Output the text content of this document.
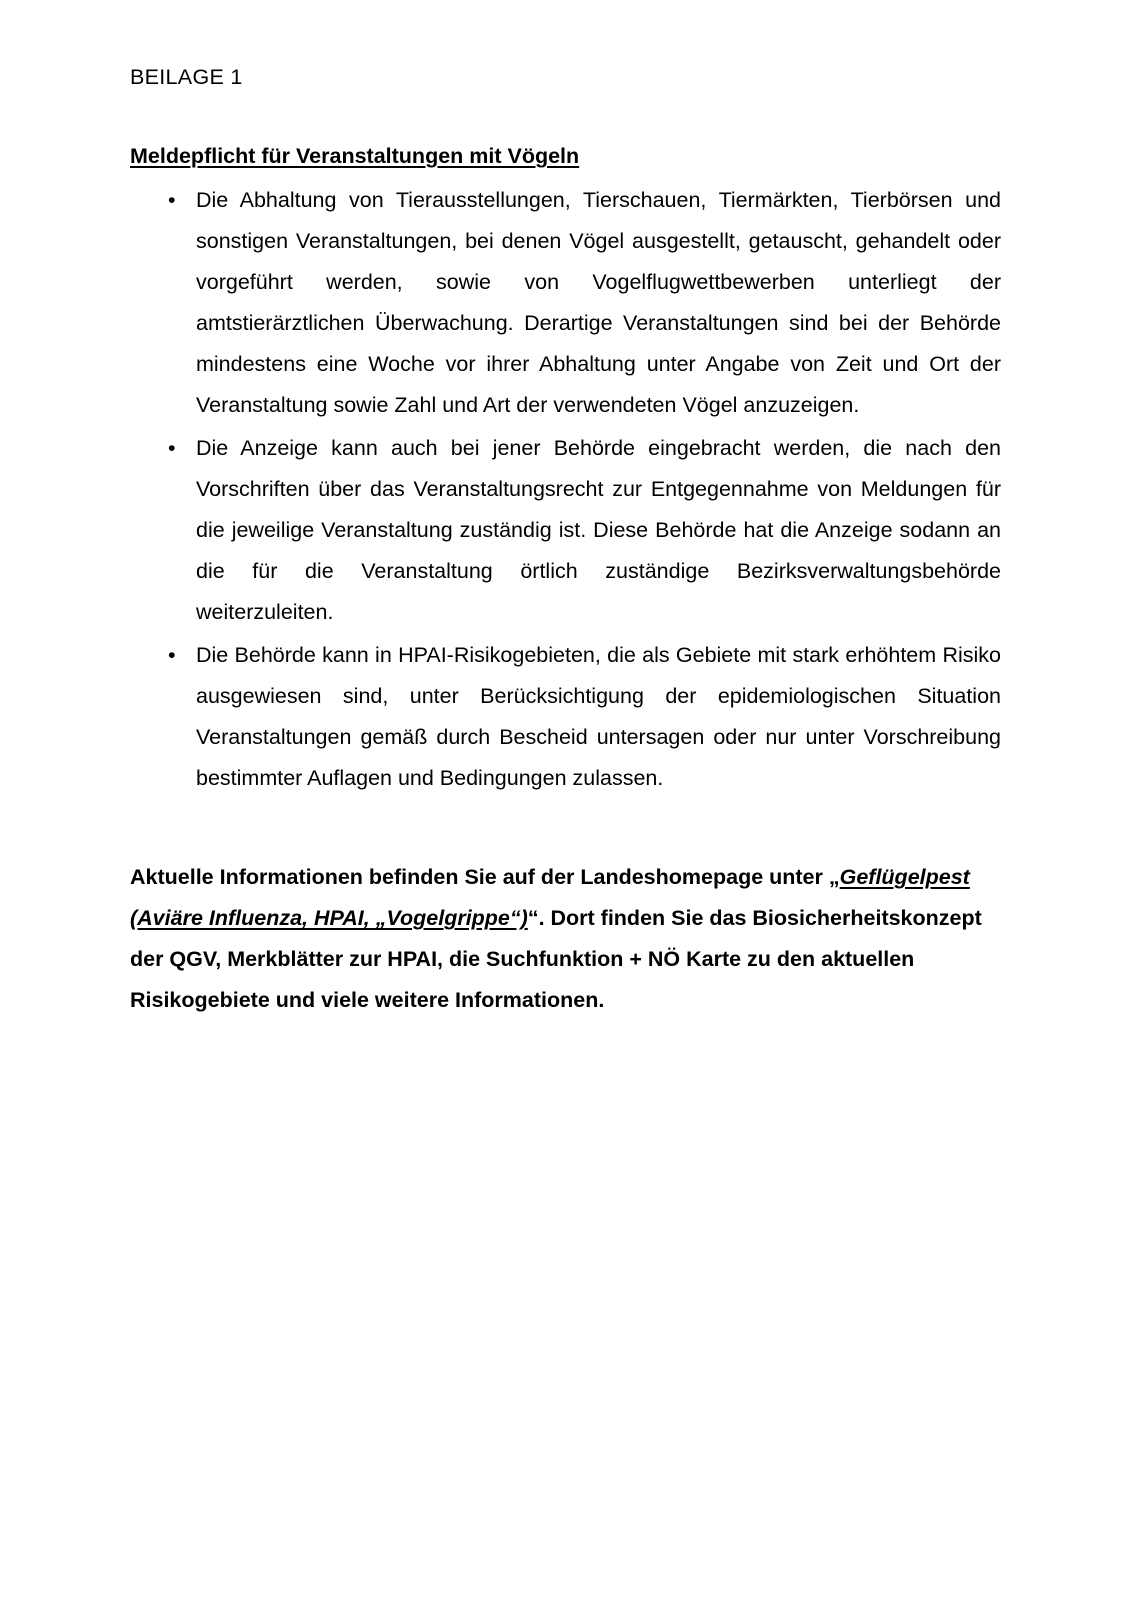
BEILAGE 1

Meldepflicht für Veranstaltungen mit Vögeln
• Die Abhaltung von Tierausstellungen, Tierschauen, Tiermärkten, Tierbörsen und sonstigen Veranstaltungen, bei denen Vögel ausgestellt, getauscht, gehandelt oder vorgeführt werden, sowie von Vogelflugwettbewerben unterliegt der amtstierärztlichen Überwachung. Derartige Veranstaltungen sind bei der Behörde mindestens eine Woche vor ihrer Abhaltung unter Angabe von Zeit und Ort der Veranstaltung sowie Zahl und Art der verwendeten Vögel anzuzeigen.
• Die Anzeige kann auch bei jener Behörde eingebracht werden, die nach den Vorschriften über das Veranstaltungsrecht zur Entgegennahme von Meldungen für die jeweilige Veranstaltung zuständig ist. Diese Behörde hat die Anzeige sodann an die für die Veranstaltung örtlich zuständige Bezirksverwaltungsbehörde weiterzuleiten.
• Die Behörde kann in HPAI-Risikogebieten, die als Gebiete mit stark erhöhtem Risiko ausgewiesen sind, unter Berücksichtigung der epidemiologischen Situation Veranstaltungen gemäß durch Bescheid untersagen oder nur unter Vorschreibung bestimmter Auflagen und Bedingungen zulassen.

Aktuelle Informationen befinden Sie auf der Landeshomepage unter „Geflügelpest (Aviäre Influenza, HPAI, „Vogelgrippe“)“. Dort finden Sie das Biosicherheitskonzept der QGV, Merkblätter zur HPAI, die Suchfunktion + NÖ Karte zu den aktuellen Risikogebiete und viele weitere Informationen.
